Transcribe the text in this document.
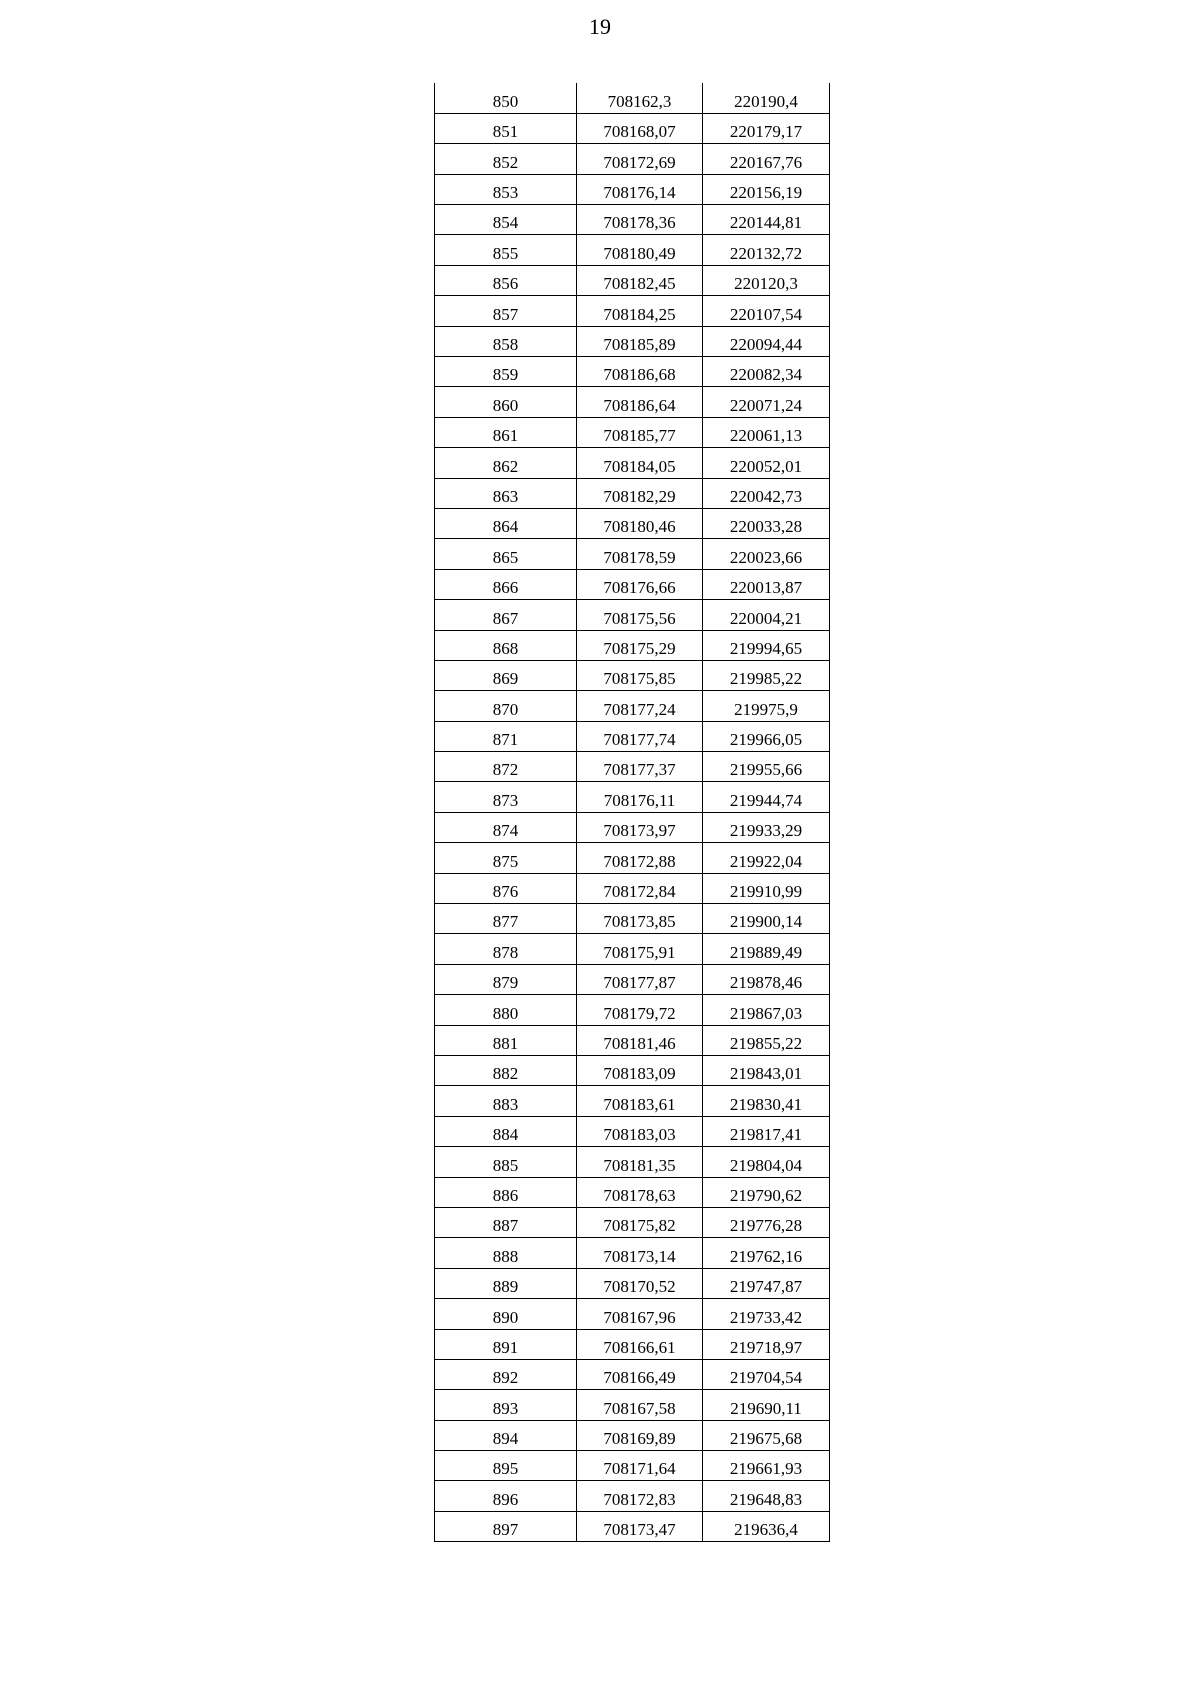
19
850	708162,3	220190,4
851	708168,07	220179,17
852	708172,69	220167,76
853	708176,14	220156,19
854	708178,36	220144,81
855	708180,49	220132,72
856	708182,45	220120,3
857	708184,25	220107,54
858	708185,89	220094,44
859	708186,68	220082,34
860	708186,64	220071,24
861	708185,77	220061,13
862	708184,05	220052,01
863	708182,29	220042,73
864	708180,46	220033,28
865	708178,59	220023,66
866	708176,66	220013,87
867	708175,56	220004,21
868	708175,29	219994,65
869	708175,85	219985,22
870	708177,24	219975,9
871	708177,74	219966,05
872	708177,37	219955,66
873	708176,11	219944,74
874	708173,97	219933,29
875	708172,88	219922,04
876	708172,84	219910,99
877	708173,85	219900,14
878	708175,91	219889,49
879	708177,87	219878,46
880	708179,72	219867,03
881	708181,46	219855,22
882	708183,09	219843,01
883	708183,61	219830,41
884	708183,03	219817,41
885	708181,35	219804,04
886	708178,63	219790,62
887	708175,82	219776,28
888	708173,14	219762,16
889	708170,52	219747,87
890	708167,96	219733,42
891	708166,61	219718,97
892	708166,49	219704,54
893	708167,58	219690,11
894	708169,89	219675,68
895	708171,64	219661,93
896	708172,83	219648,83
897	708173,47	219636,4
